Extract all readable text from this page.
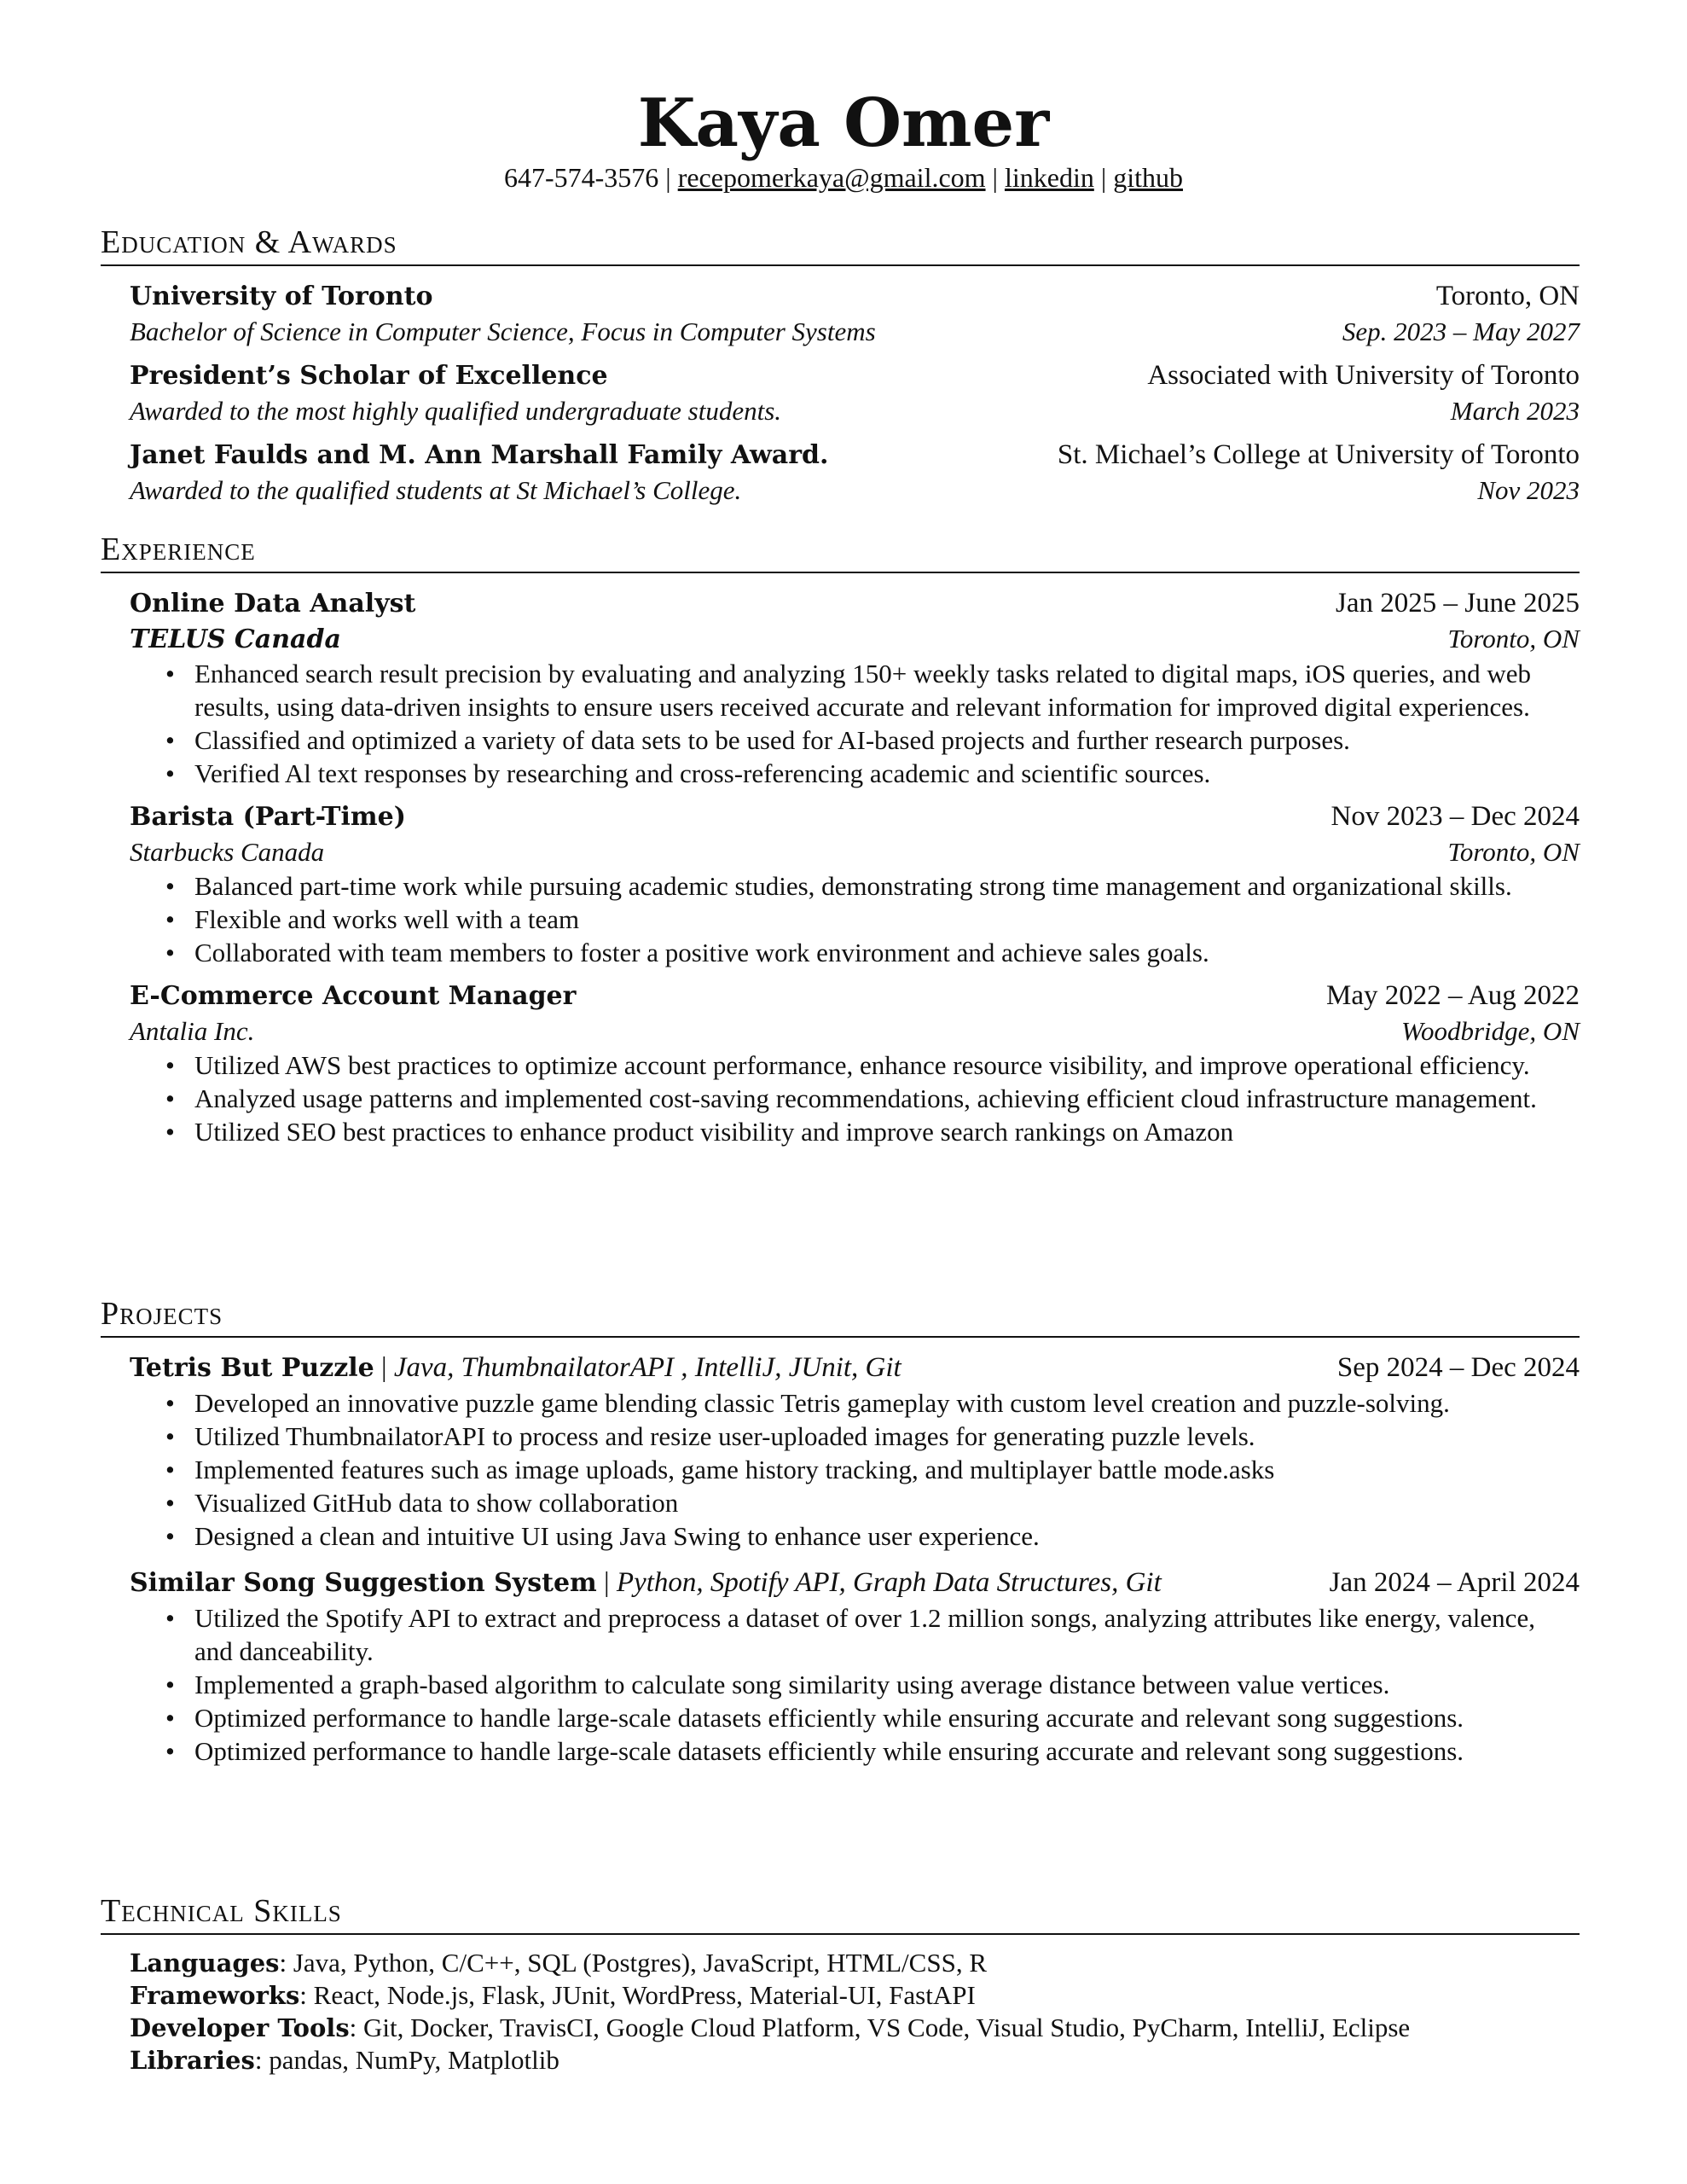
Kaya Omer
647-574-3576 | recepomerkaya@gmail.com | linkedin | github
Education & Awards
University of Toronto	Toronto, ON
Bachelor of Science in Computer Science, Focus in Computer Systems	Sep. 2023 – May 2027
President’s Scholar of Excellence	Associated with University of Toronto
Awarded to the most highly qualified undergraduate students.	March 2023
Janet Faulds and M. Ann Marshall Family Award.	St. Michael’s College at University of Toronto
Awarded to the qualified students at St Michael’s College.	Nov 2023
Experience
Online Data Analyst	Jan 2025 – June 2025
TELUS Canada	Toronto, ON
• Enhanced search result precision by evaluating and analyzing 150+ weekly tasks related to digital maps, iOS queries, and web results, using data-driven insights to ensure users received accurate and relevant information for improved digital experiences.
• Classified and optimized a variety of data sets to be used for AI-based projects and further research purposes.
• Verified Al text responses by researching and cross-referencing academic and scientific sources.
Barista (Part-Time)	Nov 2023 – Dec 2024
Starbucks Canada	Toronto, ON
• Balanced part-time work while pursuing academic studies, demonstrating strong time management and organizational skills.
• Flexible and works well with a team
• Collaborated with team members to foster a positive work environment and achieve sales goals.
E-Commerce Account Manager	May 2022 – Aug 2022
Antalia Inc.	Woodbridge, ON
• Utilized AWS best practices to optimize account performance, enhance resource visibility, and improve operational efficiency.
• Analyzed usage patterns and implemented cost-saving recommendations, achieving efficient cloud infrastructure management.
• Utilized SEO best practices to enhance product visibility and improve search rankings on Amazon
Projects
Tetris But Puzzle | Java, ThumbnailatorAPI , IntelliJ, JUnit, Git	Sep 2024 – Dec 2024
• Developed an innovative puzzle game blending classic Tetris gameplay with custom level creation and puzzle-solving.
• Utilized ThumbnailatorAPI to process and resize user-uploaded images for generating puzzle levels.
• Implemented features such as image uploads, game history tracking, and multiplayer battle mode.asks
• Visualized GitHub data to show collaboration
• Designed a clean and intuitive UI using Java Swing to enhance user experience.
Similar Song Suggestion System | Python, Spotify API, Graph Data Structures, Git	Jan 2024 – April 2024
• Utilized the Spotify API to extract and preprocess a dataset of over 1.2 million songs, analyzing attributes like energy, valence, and danceability.
• Implemented a graph-based algorithm to calculate song similarity using average distance between value vertices.
• Optimized performance to handle large-scale datasets efficiently while ensuring accurate and relevant song suggestions.
• Optimized performance to handle large-scale datasets efficiently while ensuring accurate and relevant song suggestions.
Technical Skills
Languages: Java, Python, C/C++, SQL (Postgres), JavaScript, HTML/CSS, R
Frameworks: React, Node.js, Flask, JUnit, WordPress, Material-UI, FastAPI
Developer Tools: Git, Docker, TravisCI, Google Cloud Platform, VS Code, Visual Studio, PyCharm, IntelliJ, Eclipse
Libraries: pandas, NumPy, Matplotlib
